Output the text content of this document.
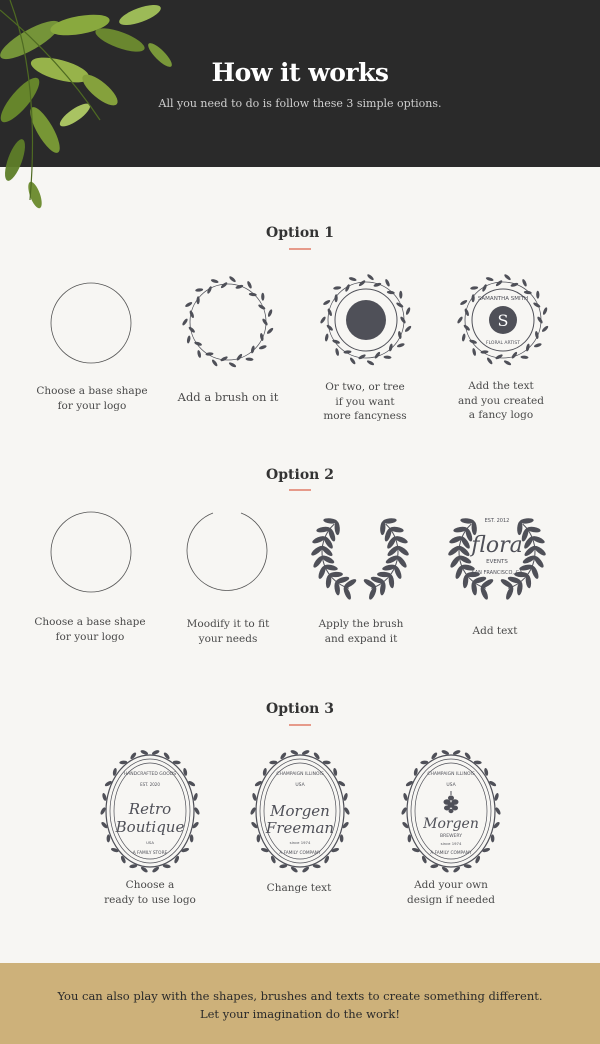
How it works
All you need to do is follow these 3 simple options.
Option 1
S
SAMANTHA SMITH
FLORAL ARTIST
Choose a base shape
for your logo
Add a brush on it
Or two, or tree
if you want
more fancyness
Add the text
and you created
a fancy logo
Option 2
EST. 2012
flora
EVENTS
SAN FRANCISCO, CA
Choose a base shape
for your logo
Moodify it to fit
your needs
Apply the brush
and expand it
Add text
Option 3
Retro
Boutique
HANDCRAFTED GOODS
EST. 2020
USA
A FAMILY STORE
Morgen
Freeman
CHAMPAIGN ILLINOIS
USA
since 1974
A FAMILY COMPANY
Morgen
BREWERY
CHAMPAIGN ILLINOIS
USA
since 1974
A FAMILY COMPANY
Choose a
ready to use logo
Change text	Add your own
design if needed
You can also play with the shapes, brushes and texts to create something different.
Let your imagination do the work!
